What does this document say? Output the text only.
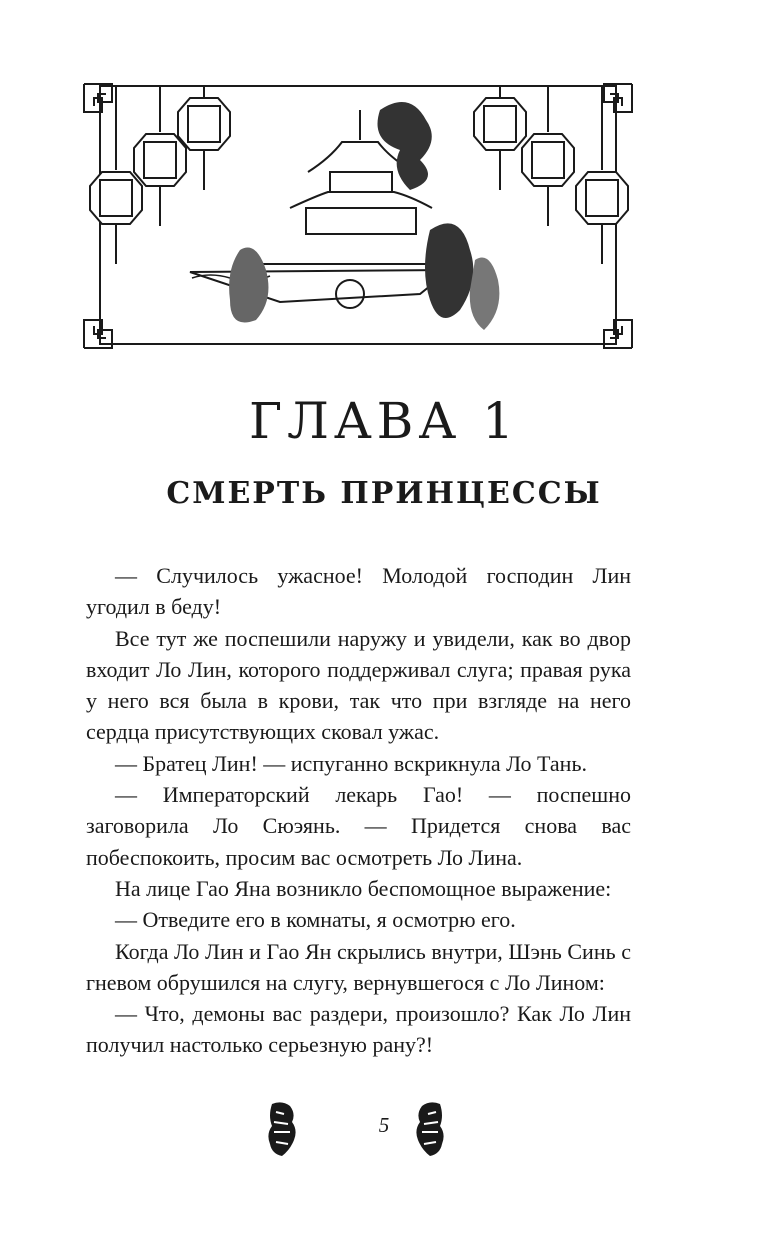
ГЛАВА 1
СМЕРТЬ ПРИНЦЕССЫ

— Случилось ужасное! Молодой господин Лин угодил в беду!

Все тут же поспешили наружу и увидели, как во двор входит Ло Лин, которого поддерживал слуга; правая рука у него вся была в крови, так что при взгляде на него сердца присутствующих сковал ужас.

— Братец Лин! — испуганно вскрикнула Ло Тань.

— Императорский лекарь Гао! — поспешно заговорила Ло Сюэянь. — Придется снова вас побеспокоить, просим вас осмотреть Ло Лина.

На лице Гао Яна возникло беспомощное выражение:

— Отведите его в комнаты, я осмотрю его.

Когда Ло Лин и Гао Ян скрылись внутри, Шэнь Синь с гневом обрушился на слугу, вернувшегося с Ло Лином:

— Что, демоны вас раздери, произошло? Как Ло Лин получил настолько серьезную рану?!

5
